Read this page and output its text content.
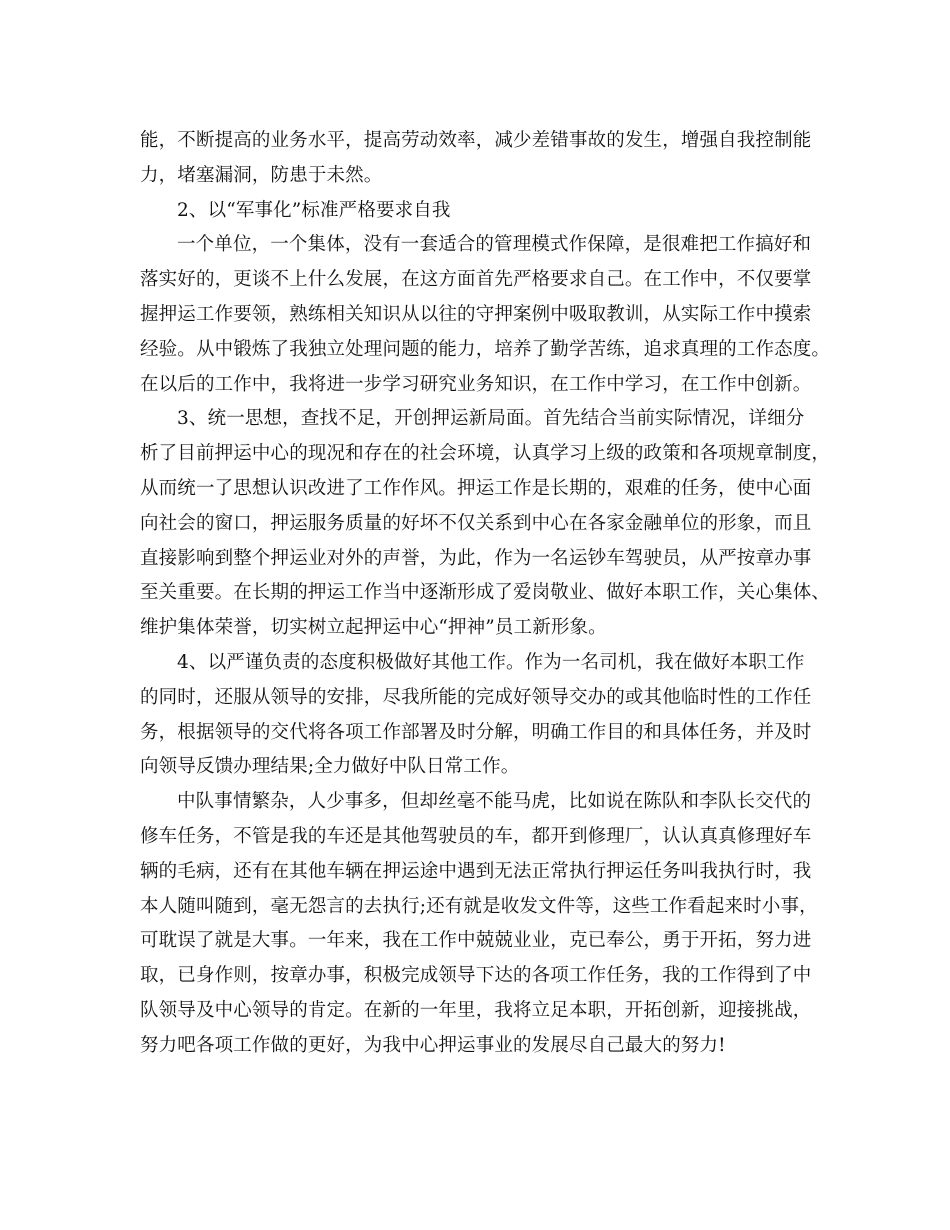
能，不断提高的业务水平，提高劳动效率，减少差错事故的发生，增强自我控制能
力，堵塞漏洞，防患于未然。
2、以“军事化”标准严格要求自我
一个单位，一个集体，没有一套适合的管理模式作保障，是很难把工作搞好和
落实好的，更谈不上什么发展，在这方面首先严格要求自己。在工作中，不仅要掌
握押运工作要领，熟练相关知识从以往的守押案例中吸取教训，从实际工作中摸索
经验。从中锻炼了我独立处理问题的能力，培养了勤学苦练，追求真理的工作态度。
在以后的工作中，我将进一步学习研究业务知识，在工作中学习，在工作中创新。
3、统一思想，查找不足，开创押运新局面。首先结合当前实际情况，详细分
析了目前押运中心的现况和存在的社会环境，认真学习上级的政策和各项规章制度，
从而统一了思想认识改进了工作作风。押运工作是长期的，艰难的任务，使中心面
向社会的窗口，押运服务质量的好坏不仅关系到中心在各家金融单位的形象，而且
直接影响到整个押运业对外的声誉，为此，作为一名运钞车驾驶员，从严按章办事
至关重要。在长期的押运工作当中逐渐形成了爱岗敬业、做好本职工作，关心集体、
维护集体荣誉，切实树立起押运中心“押神”员工新形象。
4、以严谨负责的态度积极做好其他工作。作为一名司机，我在做好本职工作
的同时，还服从领导的安排，尽我所能的完成好领导交办的或其他临时性的工作任
务，根据领导的交代将各项工作部署及时分解，明确工作目的和具体任务，并及时
向领导反馈办理结果;全力做好中队日常工作。
中队事情繁杂，人少事多，但却丝毫不能马虎，比如说在陈队和李队长交代的
修车任务，不管是我的车还是其他驾驶员的车，都开到修理厂，认认真真修理好车
辆的毛病，还有在其他车辆在押运途中遇到无法正常执行押运任务叫我执行时，我
本人随叫随到，毫无怨言的去执行;还有就是收发文件等，这些工作看起来时小事，
可耽误了就是大事。一年来，我在工作中兢兢业业，克已奉公，勇于开拓，努力进
取，已身作则，按章办事，积极完成领导下达的各项工作任务，我的工作得到了中
队领导及中心领导的肯定。在新的一年里，我将立足本职，开拓创新，迎接挑战，
努力吧各项工作做的更好，为我中心押运事业的发展尽自己最大的努力!
